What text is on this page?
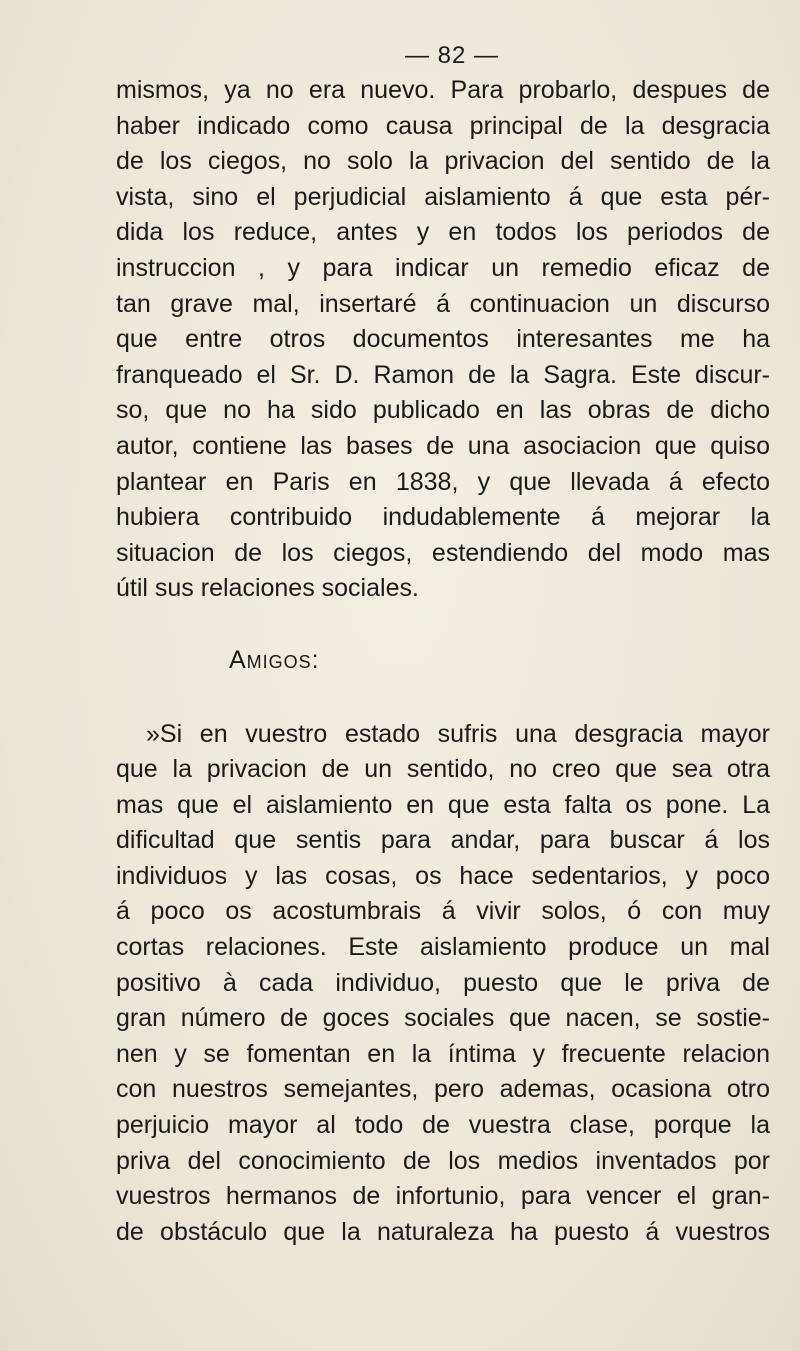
— 82 —
mismos, ya no era nuevo. Para probarlo, despues de
haber indicado como causa principal de la desgracia
de los ciegos, no solo la privacion del sentido de la
vista, sino el perjudicial aislamiento á que esta pér-
dida los reduce, antes y en todos los periodos de
instruccion , y para indicar un remedio eficaz de
tan grave mal, insertaré á continuacion un discurso
que entre otros documentos interesantes me ha
franqueado el Sr. D. Ramon de la Sagra. Este discur-
so, que no ha sido publicado en las obras de dicho
autor, contiene las bases de una asociacion que quiso
plantear en Paris en 1838, y que llevada á efecto
hubiera contribuido indudablemente á mejorar la
situacion de los ciegos, estendiendo del modo mas
útil sus relaciones sociales.
Amigos:
»Si en vuestro estado sufris una desgracia mayor
que la privacion de un sentido, no creo que sea otra
mas que el aislamiento en que esta falta os pone. La
dificultad que sentis para andar, para buscar á los
individuos y las cosas, os hace sedentarios, y poco
á poco os acostumbrais á vivir solos, ó con muy
cortas relaciones. Este aislamiento produce un mal
positivo à cada individuo, puesto que le priva de
gran número de goces sociales que nacen, se sostie-
nen y se fomentan en la íntima y frecuente relacion
con nuestros semejantes, pero ademas, ocasiona otro
perjuicio mayor al todo de vuestra clase, porque la
priva del conocimiento de los medios inventados por
vuestros hermanos de infortunio, para vencer el gran-
de obstáculo que la naturaleza ha puesto á vuestros
